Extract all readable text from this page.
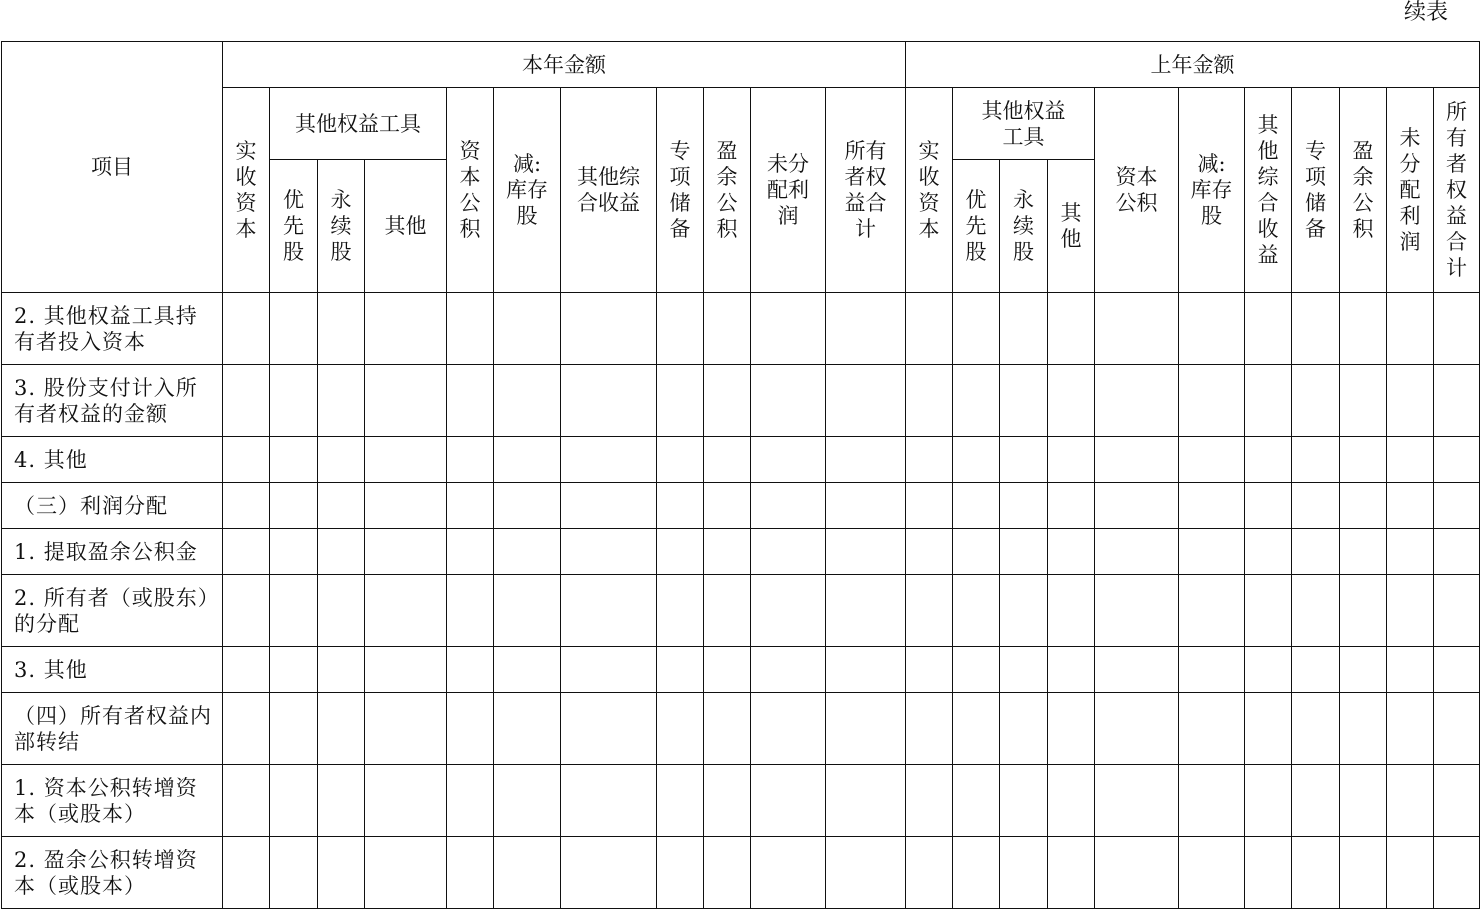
续表
项目	本年金额											上年金额										
	实收资本	其他权益工具			资本公积	减:库存股	其他综合收益	专项储备	盈余公积	未分配利润	所有者权益合计	实收资本	其他权益工具			资本公积	减:库存股	其他综合收益	专项储备	盈余公积	未分配利润	所有者权益合计
		优先股	永续股	其他									优先股	永续股	其他							
2. 其他权益工具持有者投入资本																						
3. 股份支付计入所有者权益的金额																						
4. 其他																						
（三）利润分配																						
1. 提取盈余公积金																						
2. 所有者（或股东）的分配																						
3. 其他																						
（四）所有者权益内部转结																						
1. 资本公积转增资本（或股本）																						
2. 盈余公积转增资本（或股本）																						
